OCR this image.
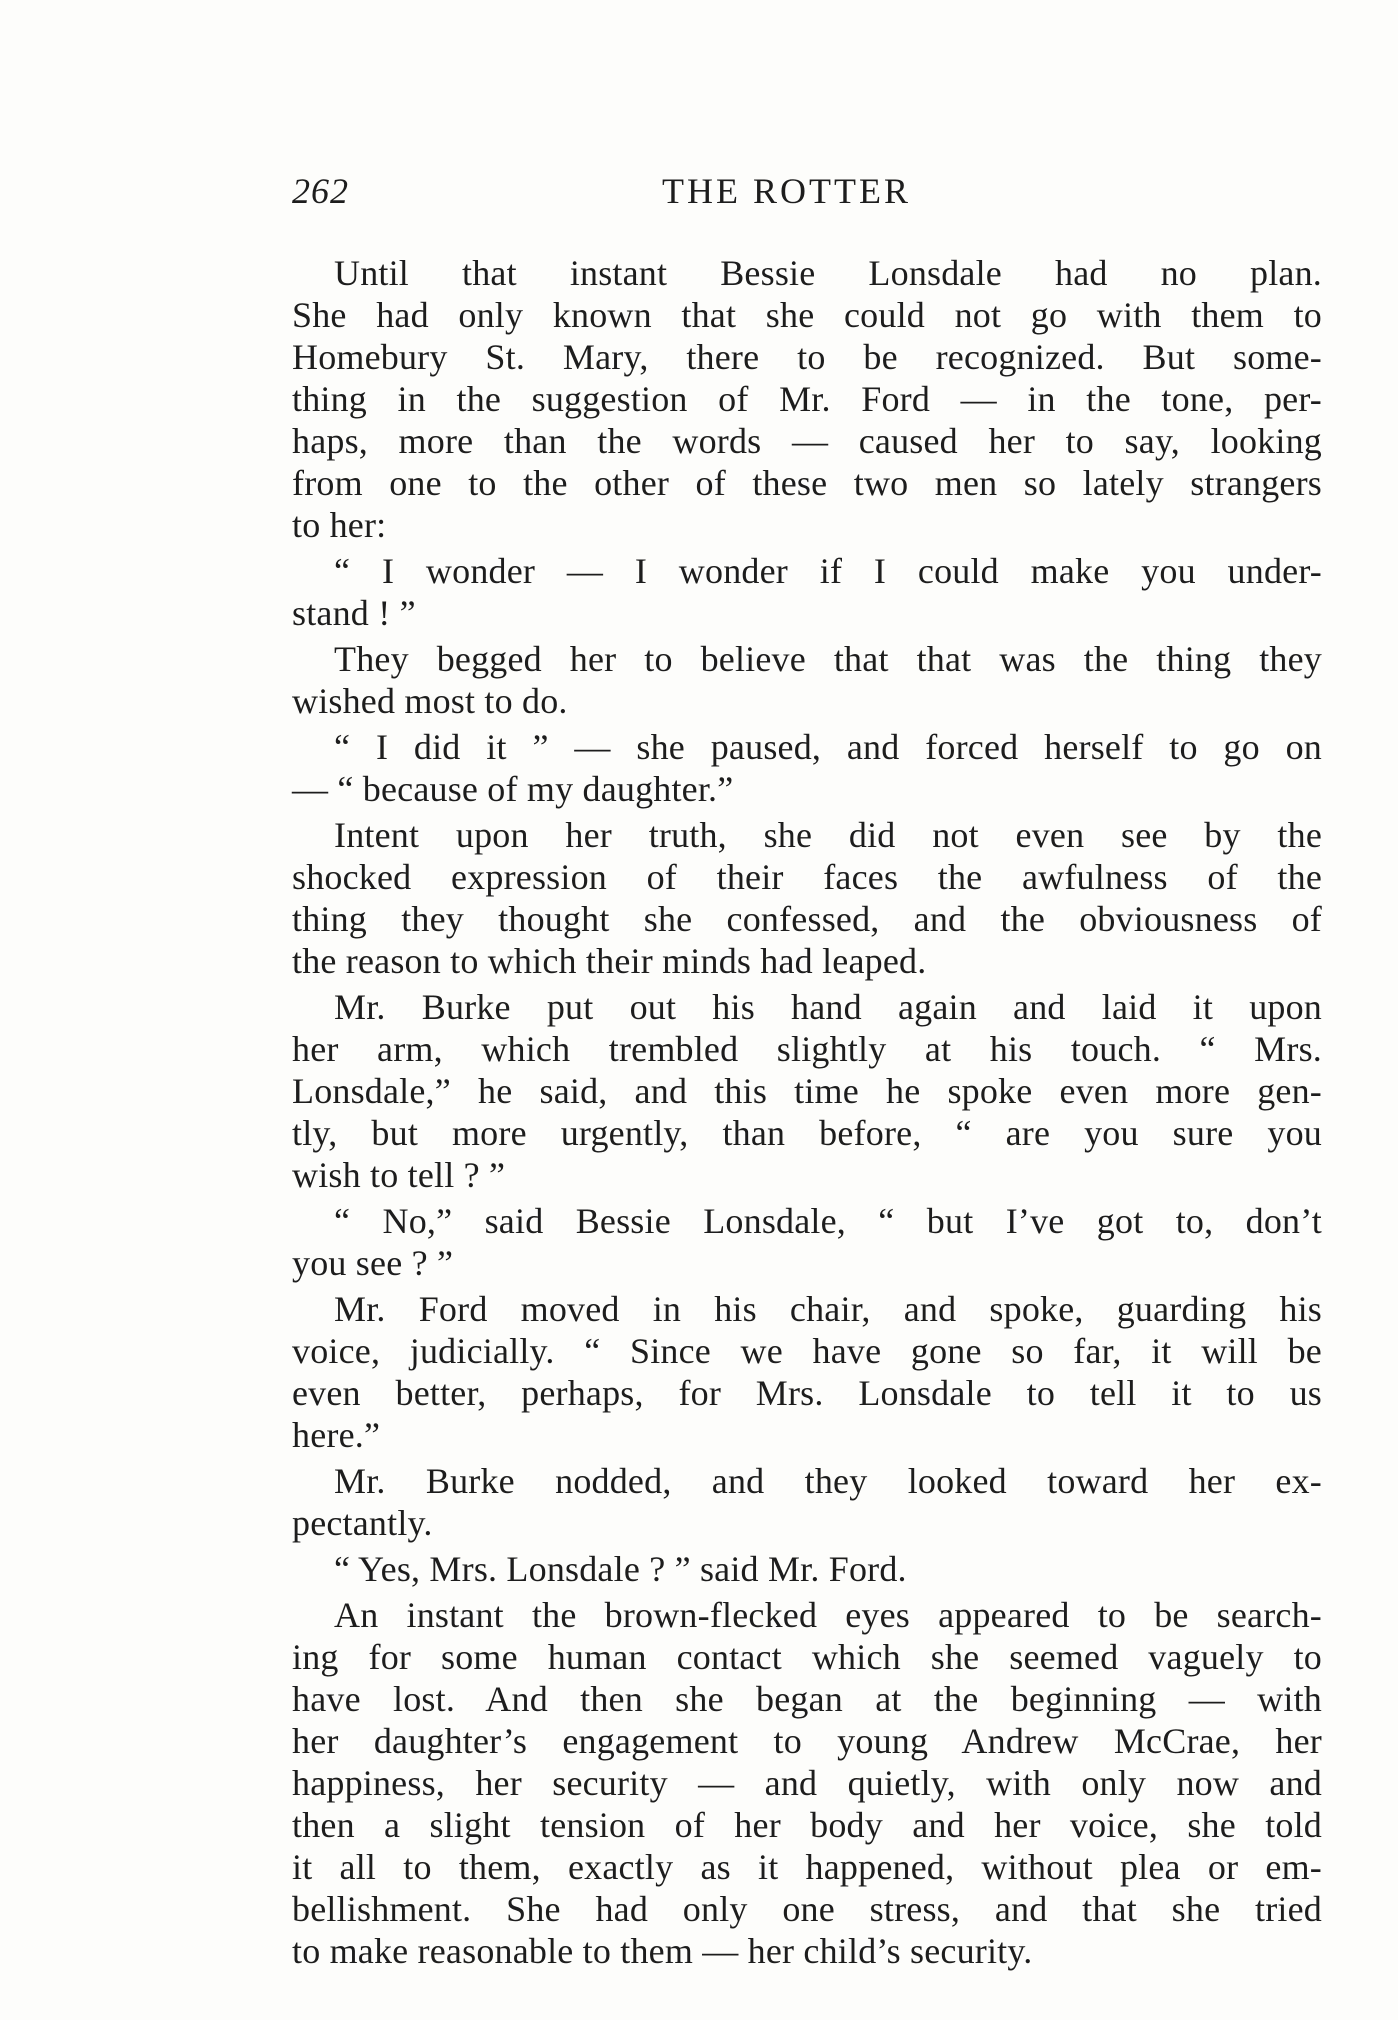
262	THE ROTTER
Until that instant Bessie Lonsdale had no plan.
She had only known that she could not go with them to
Homebury St. Mary, there to be recognized. But some-
thing in the suggestion of Mr. Ford — in the tone, per-
haps, more than the words — caused her to say, looking
from one to the other of these two men so lately strangers
to her:
“ I wonder — I wonder if I could make you under-
stand ! ”
They begged her to believe that that was the thing they
wished most to do.
“ I did it ” — she paused, and forced herself to go on
— “ because of my daughter.”
Intent upon her truth, she did not even see by the
shocked expression of their faces the awfulness of the
thing they thought she confessed, and the obviousness of
the reason to which their minds had leaped.
Mr. Burke put out his hand again and laid it upon
her arm, which trembled slightly at his touch. “ Mrs.
Lonsdale,” he said, and this time he spoke even more gen-
tly, but more urgently, than before, “ are you sure you
wish to tell ? ”
“ No,” said Bessie Lonsdale, “ but I’ve got to, don’t
you see ? ”
Mr. Ford moved in his chair, and spoke, guarding his
voice, judicially. “ Since we have gone so far, it will be
even better, perhaps, for Mrs. Lonsdale to tell it to us
here.”
Mr. Burke nodded, and they looked toward her ex-
pectantly.
“ Yes, Mrs. Lonsdale ? ” said Mr. Ford.
An instant the brown-flecked eyes appeared to be search-
ing for some human contact which she seemed vaguely to
have lost. And then she began at the beginning — with
her daughter’s engagement to young Andrew McCrae, her
happiness, her security — and quietly, with only now and
then a slight tension of her body and her voice, she told
it all to them, exactly as it happened, without plea or em-
bellishment. She had only one stress, and that she tried
to make reasonable to them — her child’s security.
